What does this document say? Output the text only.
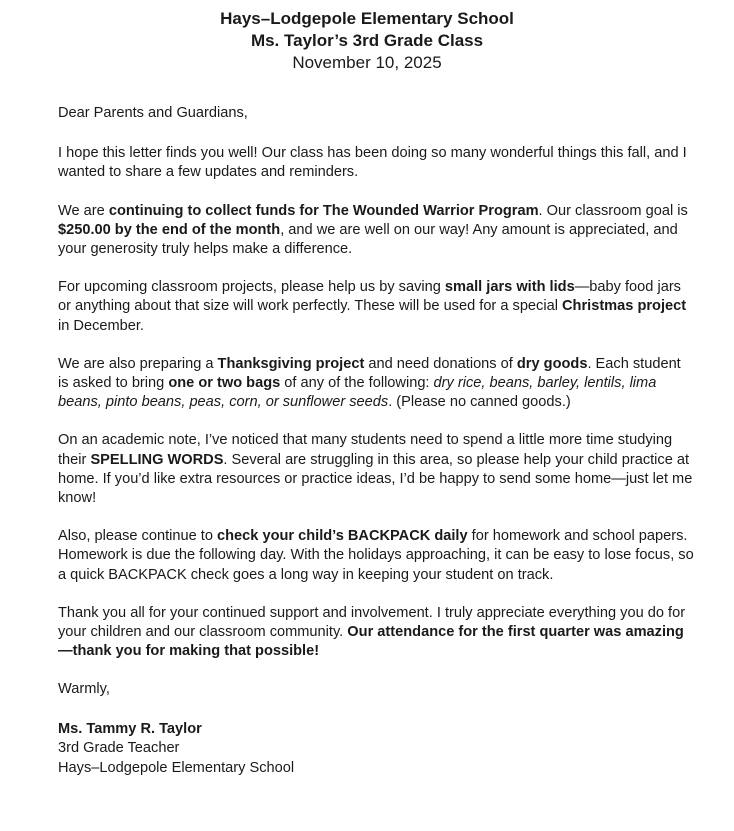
Hays–Lodgepole Elementary School
Ms. Taylor’s 3rd Grade Class
November 10, 2025

Dear Parents and Guardians,

I hope this letter finds you well! Our class has been doing so many wonderful things this fall, and I wanted to share a few updates and reminders.

We are continuing to collect funds for The Wounded Warrior Program. Our classroom goal is $250.00 by the end of the month, and we are well on our way! Any amount is appreciated, and your generosity truly helps make a difference.

For upcoming classroom projects, please help us by saving small jars with lids—baby food jars or anything about that size will work perfectly. These will be used for a special Christmas project in December.

We are also preparing a Thanksgiving project and need donations of dry goods. Each student is asked to bring one or two bags of any of the following: dry rice, beans, barley, lentils, lima beans, pinto beans, peas, corn, or sunflower seeds. (Please no canned goods.)

On an academic note, I’ve noticed that many students need to spend a little more time studying their SPELLING WORDS. Several are struggling in this area, so please help your child practice at home. If you’d like extra resources or practice ideas, I’d be happy to send some home—just let me know!

Also, please continue to check your child’s BACKPACK daily for homework and school papers. Homework is due the following day. With the holidays approaching, it can be easy to lose focus, so a quick BACKPACK check goes a long way in keeping your student on track.

Thank you all for your continued support and involvement. I truly appreciate everything you do for your children and our classroom community. Our attendance for the first quarter was amazing—thank you for making that possible!

Warmly,

Ms. Tammy R. Taylor
3rd Grade Teacher
Hays–Lodgepole Elementary School
